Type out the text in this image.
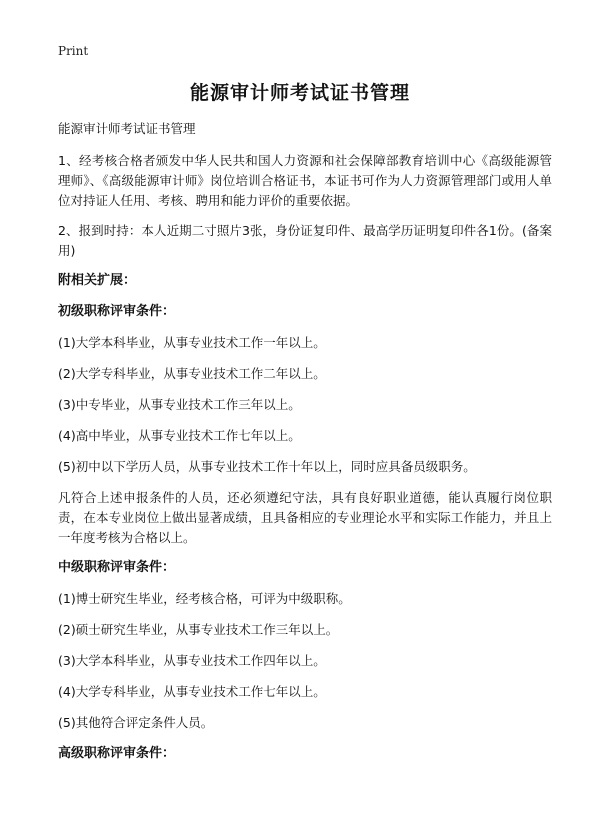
Print
能源审计师考试证书管理

能源审计师考试证书管理

1、经考核合格者颁发中华人民共和国人力资源和社会保障部教育培训中心《高级能源管理师》、《高级能源审计师》岗位培训合格证书，本证书可作为人力资源管理部门或用人单位对持证人任用、考核、聘用和能力评价的重要依据。

2、报到时持：本人近期二寸照片3张，身份证复印件、最高学历证明复印件各1份。(备案用)

附相关扩展：

初级职称评审条件：

(1)大学本科毕业，从事专业技术工作一年以上。

(2)大学专科毕业，从事专业技术工作二年以上。

(3)中专毕业，从事专业技术工作三年以上。

(4)高中毕业，从事专业技术工作七年以上。

(5)初中以下学历人员，从事专业技术工作十年以上，同时应具备员级职务。

凡符合上述申报条件的人员，还必须遵纪守法，具有良好职业道德，能认真履行岗位职责，在本专业岗位上做出显著成绩，且具备相应的专业理论水平和实际工作能力，并且上一年度考核为合格以上。

中级职称评审条件：

(1)博士研究生毕业，经考核合格，可评为中级职称。

(2)硕士研究生毕业，从事专业技术工作三年以上。

(3)大学本科毕业，从事专业技术工作四年以上。

(4)大学专科毕业，从事专业技术工作七年以上。

(5)其他符合评定条件人员。

高级职称评审条件：
